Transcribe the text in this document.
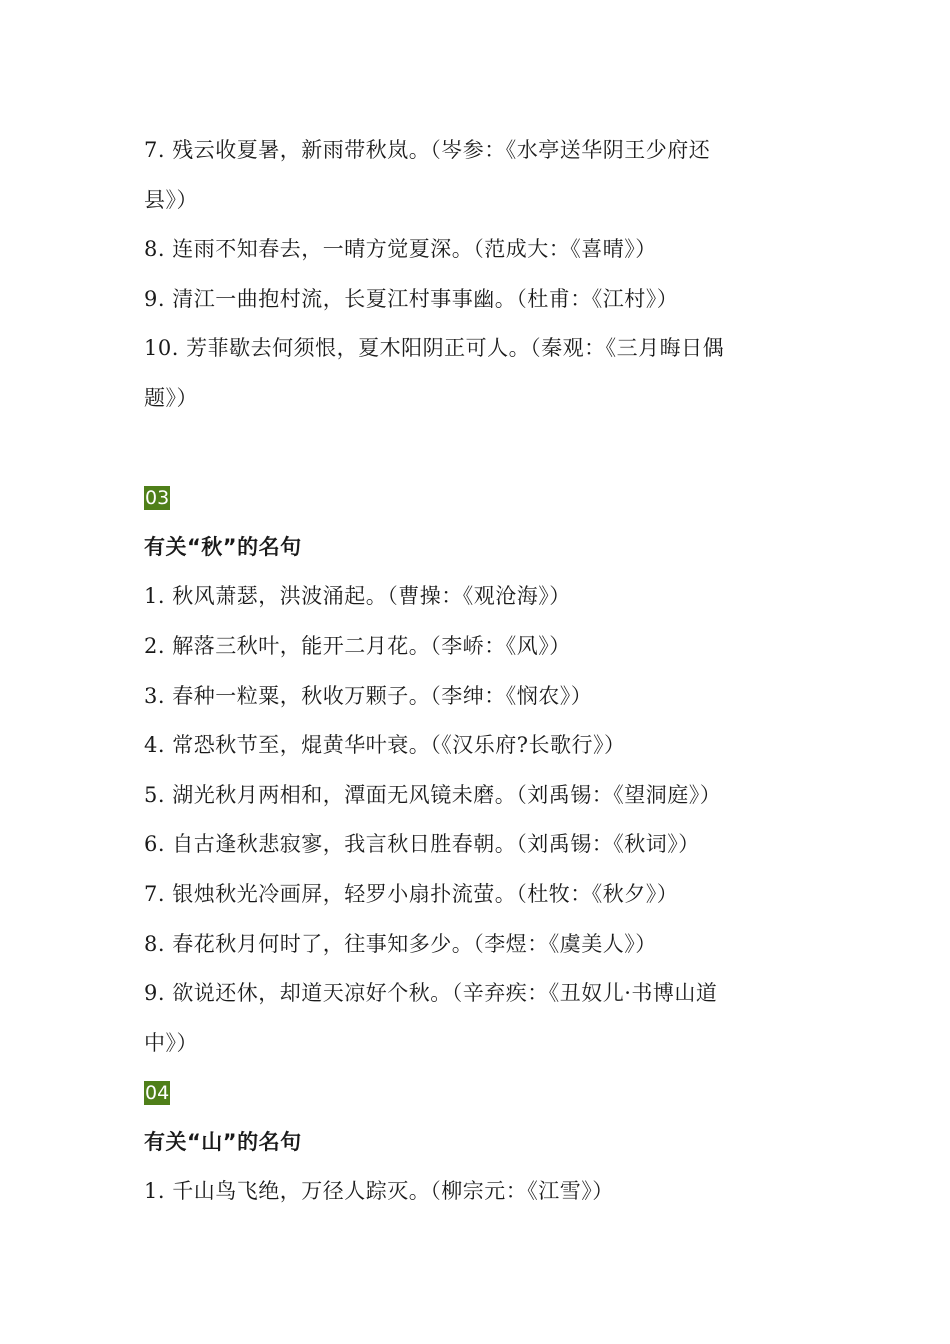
7. 残云收夏暑，新雨带秋岚。（岑参：《水亭送华阴王少府还
县》）
8. 连雨不知春去，一晴方觉夏深。（范成大：《喜晴》）
9. 清江一曲抱村流，长夏江村事事幽。（杜甫：《江村》）
10. 芳菲歇去何须恨，夏木阳阴正可人。（秦观：《三月晦日偶
题》）
03
有关“秋”的名句
1. 秋风萧瑟，洪波涌起。（曹操：《观沧海》）
2. 解落三秋叶，能开二月花。（李峤：《风》）
3. 春种一粒粟，秋收万颗子。（李绅：《悯农》）
4. 常恐秋节至，焜黄华叶衰。（《汉乐府?长歌行》）
5. 湖光秋月两相和，潭面无风镜未磨。（刘禹锡：《望洞庭》）
6. 自古逢秋悲寂寥，我言秋日胜春朝。（刘禹锡：《秋词》）
7. 银烛秋光冷画屏，轻罗小扇扑流萤。（杜牧：《秋夕》）
8. 春花秋月何时了，往事知多少。（李煜：《虞美人》）
9. 欲说还休，却道天凉好个秋。（辛弃疾：《丑奴儿·书博山道
中》）
04
有关“山”的名句
1. 千山鸟飞绝，万径人踪灭。（柳宗元：《江雪》）
